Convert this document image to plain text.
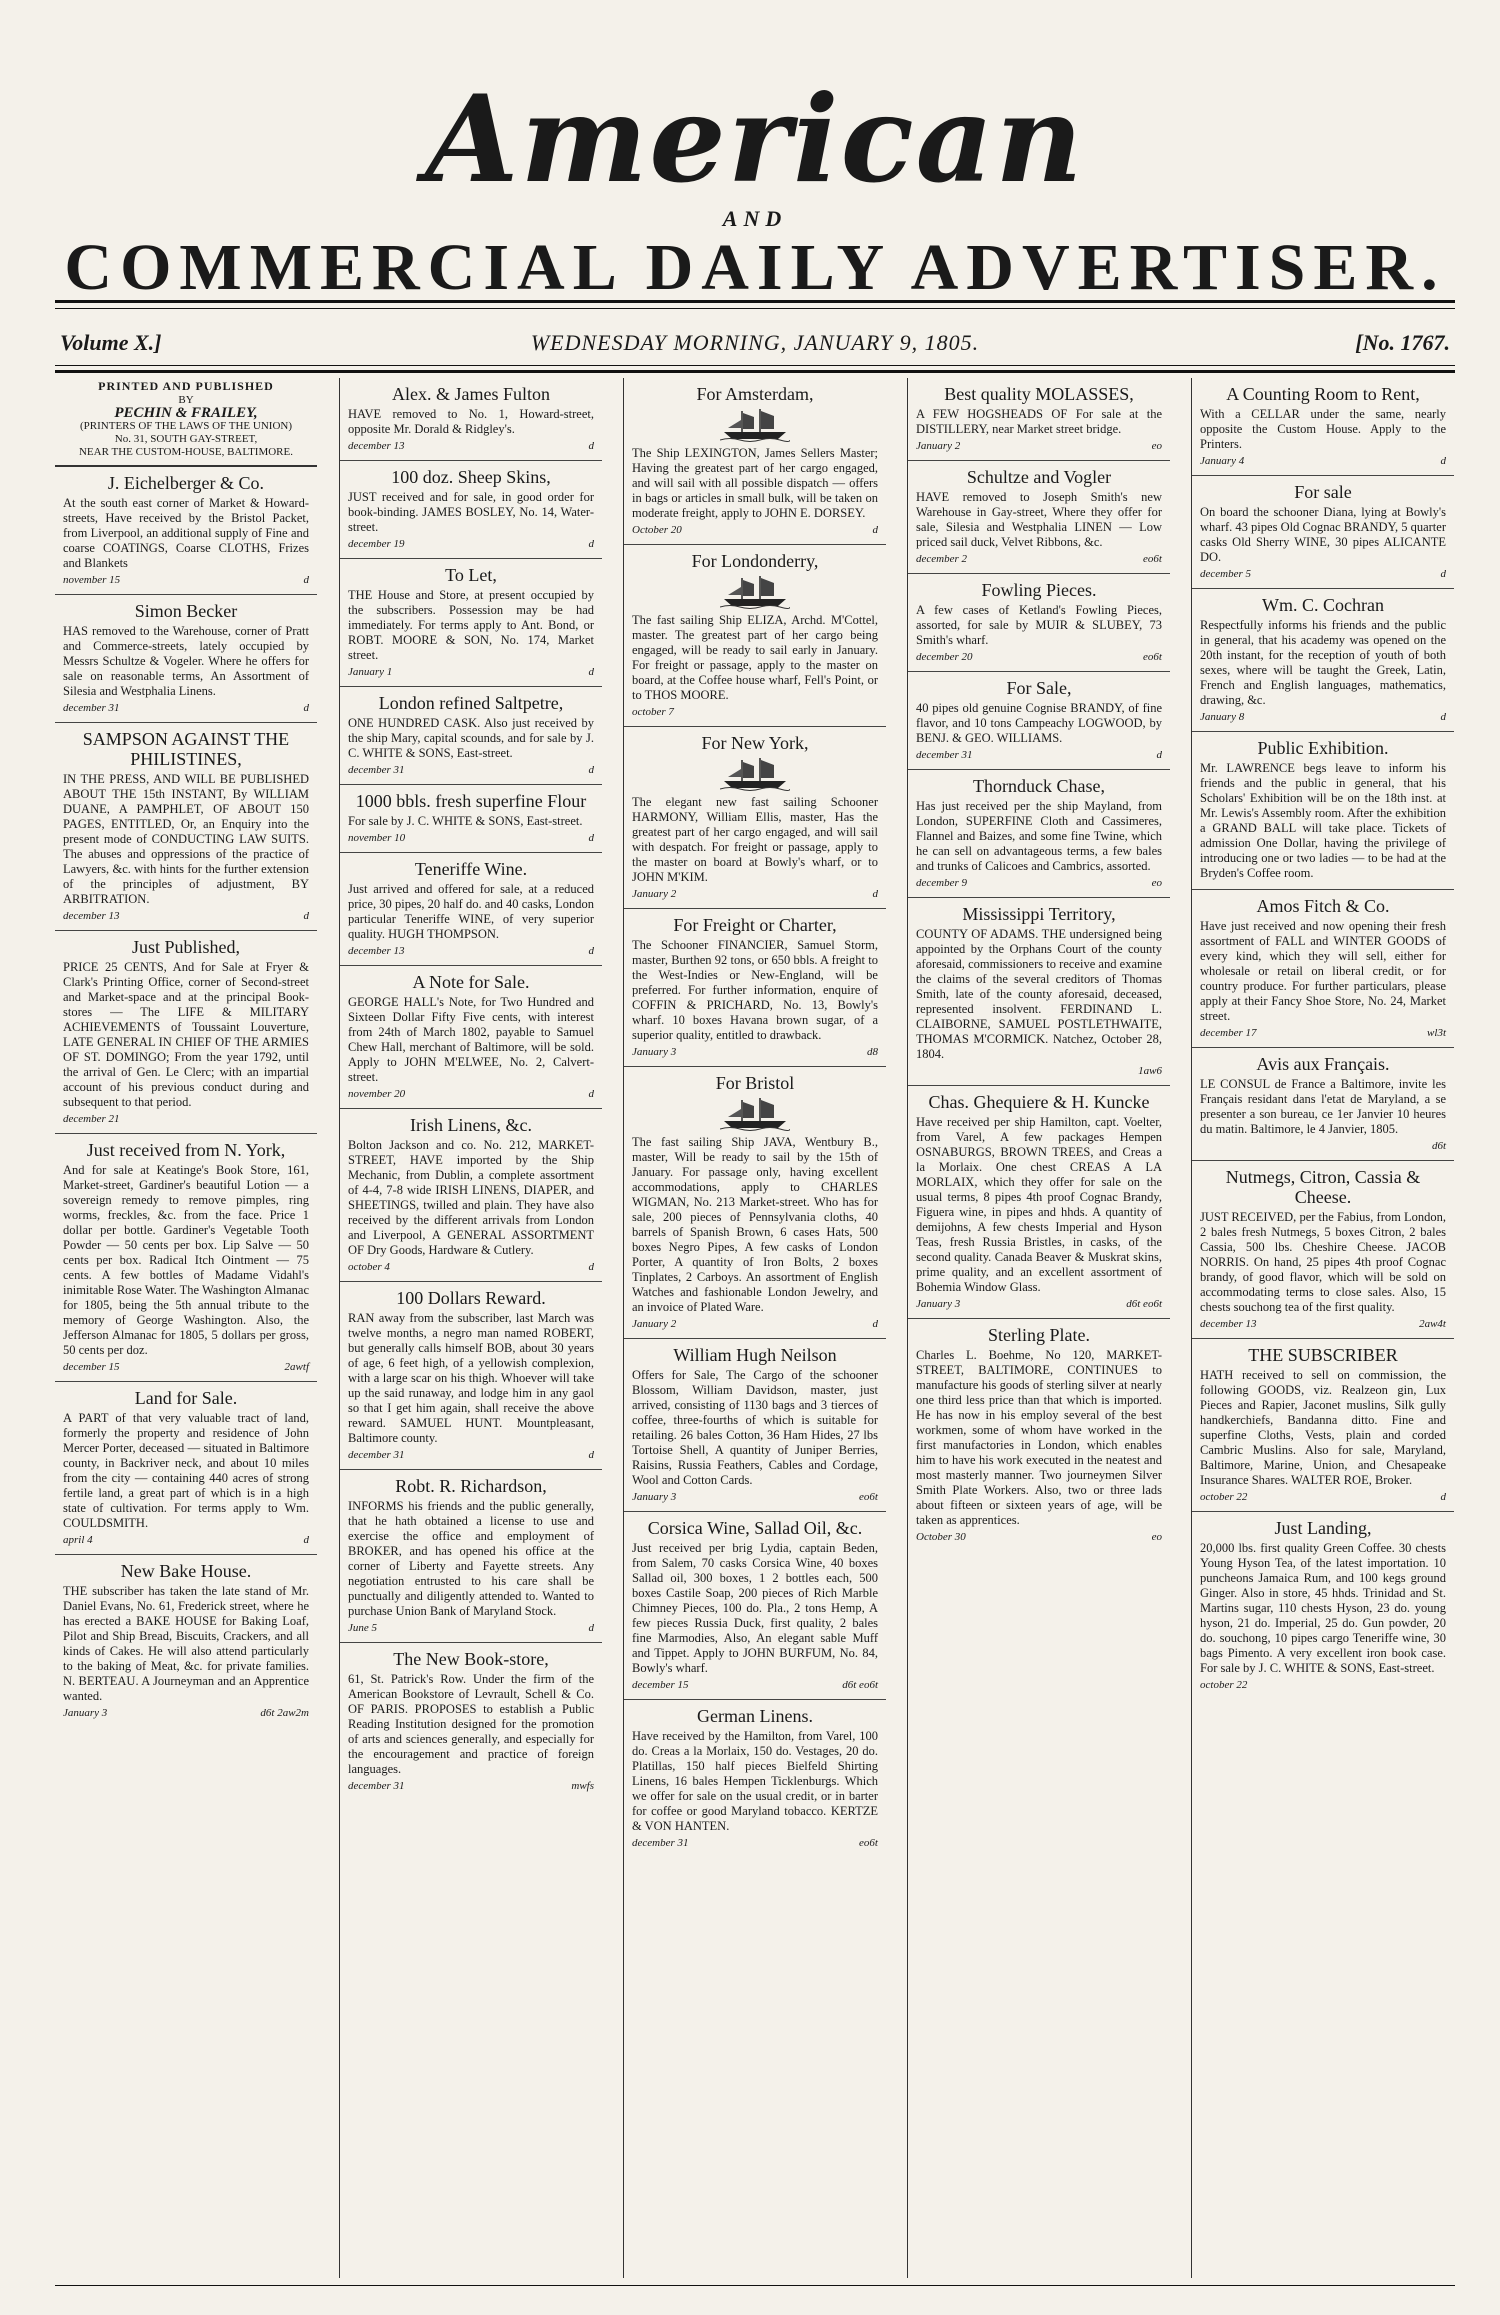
American
AND
COMMERCIAL DAILY ADVERTISER.
Volume X.]	WEDNESDAY MORNING, JANUARY 9, 1805.	[No. 1767.
PRINTED AND PUBLISHED
BY
PECHIN & FRAILEY,
(PRINTERS OF THE LAWS OF THE UNION)
No. 31, SOUTH GAY-STREET,
NEAR THE CUSTOM-HOUSE, BALTIMORE.
J. Eichelberger & Co.

At the south east corner of Market & Howard-streets, Have received by the Bristol Packet, from Liverpool, an additional supply of Fine and coarse COATINGS, Coarse CLOTHS, Frizes and Blankets

november 15	d
Simon Becker

HAS removed to the Warehouse, corner of Pratt and Commerce-streets, lately occupied by Messrs Schultze & Vogeler. Where he offers for sale on reasonable terms, An Assortment of Silesia and Westphalia Linens.

december 31	d
SAMPSON AGAINST THE PHILISTINES,

IN THE PRESS, AND WILL BE PUBLISHED ABOUT THE 15th INSTANT, By WILLIAM DUANE, A PAMPHLET, OF ABOUT 150 PAGES, ENTITLED, Or, an Enquiry into the present mode of CONDUCTING LAW SUITS. The abuses and oppressions of the practice of Lawyers, &c. with hints for the further extension of the principles of adjustment, BY ARBITRATION.

december 13	d
Just Published,

PRICE 25 CENTS, And for Sale at Fryer & Clark's Printing Office, corner of Second-street and Market-space and at the principal Book-stores — The LIFE & MILITARY ACHIEVEMENTS of Toussaint Louverture, LATE GENERAL IN CHIEF OF THE ARMIES OF ST. DOMINGO; From the year 1792, until the arrival of Gen. Le Clerc; with an impartial account of his previous conduct during and subsequent to that period.

december 21
Just received from N. York,

And for sale at Keatinge's Book Store, 161, Market-street, Gardiner's beautiful Lotion — a sovereign remedy to remove pimples, ring worms, freckles, &c. from the face. Price 1 dollar per bottle. Gardiner's Vegetable Tooth Powder — 50 cents per box. Lip Salve — 50 cents per box. Radical Itch Ointment — 75 cents. A few bottles of Madame Vidahl's inimitable Rose Water. The Washington Almanac for 1805, being the 5th annual tribute to the memory of George Washington. Also, the Jefferson Almanac for 1805, 5 dollars per gross, 50 cents per doz.

december 15	2awtf
Land for Sale.

A PART of that very valuable tract of land, formerly the property and residence of John Mercer Porter, deceased — situated in Baltimore county, in Backriver neck, and about 10 miles from the city — containing 440 acres of strong fertile land, a great part of which is in a high state of cultivation. For terms apply to Wm. COULDSMITH.

april 4	d
New Bake House.

THE subscriber has taken the late stand of Mr. Daniel Evans, No. 61, Frederick street, where he has erected a BAKE HOUSE for Baking Loaf, Pilot and Ship Bread, Biscuits, Crackers, and all kinds of Cakes. He will also attend particularly to the baking of Meat, &c. for private families. N. BERTEAU. A Journeyman and an Apprentice wanted.

January 3	d6t 2aw2m
Alex. & James Fulton

HAVE removed to No. 1, Howard-street, opposite Mr. Dorald & Ridgley's.

december 13	d
100 doz. Sheep Skins,

JUST received and for sale, in good order for book-binding. JAMES BOSLEY, No. 14, Water-street.

december 19	d
To Let,

THE House and Store, at present occupied by the subscribers. Possession may be had immediately. For terms apply to Ant. Bond, or ROBT. MOORE & SON, No. 174, Market street.

January 1	d
London refined Saltpetre,

ONE HUNDRED CASK. Also just received by the ship Mary, capital scounds, and for sale by J. C. WHITE & SONS, East-street.

december 31	d
1000 bbls. fresh superfine Flour

For sale by J. C. WHITE & SONS, East-street.

november 10	d
Teneriffe Wine.

Just arrived and offered for sale, at a reduced price, 30 pipes, 20 half do. and 40 casks, London particular Teneriffe WINE, of very superior quality. HUGH THOMPSON.

december 13	d
A Note for Sale.

GEORGE HALL's Note, for Two Hundred and Sixteen Dollar Fifty Five cents, with interest from 24th of March 1802, payable to Samuel Chew Hall, merchant of Baltimore, will be sold. Apply to JOHN M'ELWEE, No. 2, Calvert-street.

november 20	d
Irish Linens, &c.

Bolton Jackson and co. No. 212, MARKET-STREET, HAVE imported by the Ship Mechanic, from Dublin, a complete assortment of 4-4, 7-8 wide IRISH LINENS, DIAPER, and SHEETINGS, twilled and plain. They have also received by the different arrivals from London and Liverpool, A GENERAL ASSORTMENT OF Dry Goods, Hardware & Cutlery.

october 4	d
100 Dollars Reward.

RAN away from the subscriber, last March was twelve months, a negro man named ROBERT, but generally calls himself BOB, about 30 years of age, 6 feet high, of a yellowish complexion, with a large scar on his thigh. Whoever will take up the said runaway, and lodge him in any gaol so that I get him again, shall receive the above reward. SAMUEL HUNT. Mountpleasant, Baltimore county.

december 31	d
Robt. R. Richardson,

INFORMS his friends and the public generally, that he hath obtained a license to use and exercise the office and employment of BROKER, and has opened his office at the corner of Liberty and Fayette streets. Any negotiation entrusted to his care shall be punctually and diligently attended to. Wanted to purchase Union Bank of Maryland Stock.

June 5	d
The New Book-store,

61, St. Patrick's Row. Under the firm of the American Bookstore of Levrault, Schell & Co. OF PARIS. PROPOSES to establish a Public Reading Institution designed for the promotion of arts and sciences generally, and especially for the encouragement and practice of foreign languages.

december 31	mwfs
For Amsterdam,

The Ship LEXINGTON, James Sellers Master; Having the greatest part of her cargo engaged, and will sail with all possible dispatch — offers in bags or articles in small bulk, will be taken on moderate freight, apply to JOHN E. DORSEY.

October 20	d
For Londonderry,

The fast sailing Ship ELIZA, Archd. M'Cottel, master. The greatest part of her cargo being engaged, will be ready to sail early in January. For freight or passage, apply to the master on board, at the Coffee house wharf, Fell's Point, or to THOS MOORE.

october 7
For New York,

The elegant new fast sailing Schooner HARMONY, William Ellis, master, Has the greatest part of her cargo engaged, and will sail with despatch. For freight or passage, apply to the master on board at Bowly's wharf, or to JOHN M'KIM.

January 2	d
For Freight or Charter,

The Schooner FINANCIER, Samuel Storm, master, Burthen 92 tons, or 650 bbls. A freight to the West-Indies or New-England, will be preferred. For further information, enquire of COFFIN & PRICHARD, No. 13, Bowly's wharf. 10 boxes Havana brown sugar, of a superior quality, entitled to drawback.

January 3	d8
For Bristol

The fast sailing Ship JAVA, Wentbury B., master, Will be ready to sail by the 15th of January. For passage only, having excellent accommodations, apply to CHARLES WIGMAN, No. 213 Market-street. Who has for sale, 200 pieces of Pennsylvania cloths, 40 barrels of Spanish Brown, 6 cases Hats, 500 boxes Negro Pipes, A few casks of London Porter, A quantity of Iron Bolts, 2 boxes Tinplates, 2 Carboys. An assortment of English Watches and fashionable London Jewelry, and an invoice of Plated Ware.

January 2	d
William Hugh Neilson

Offers for Sale, The Cargo of the schooner Blossom, William Davidson, master, just arrived, consisting of 1130 bags and 3 tierces of coffee, three-fourths of which is suitable for retailing. 26 bales Cotton, 36 Ham Hides, 27 lbs Tortoise Shell, A quantity of Juniper Berries, Raisins, Russia Feathers, Cables and Cordage, Wool and Cotton Cards.

January 3	eo6t
Corsica Wine, Sallad Oil, &c.

Just received per brig Lydia, captain Beden, from Salem, 70 casks Corsica Wine, 40 boxes Sallad oil, 300 boxes, 1 2 bottles each, 500 boxes Castile Soap, 200 pieces of Rich Marble Chimney Pieces, 100 do. Pla., 2 tons Hemp, A few pieces Russia Duck, first quality, 2 bales fine Marmodies, Also, An elegant sable Muff and Tippet. Apply to JOHN BURFUM, No. 84, Bowly's wharf.

december 15	d6t eo6t
German Linens.

Have received by the Hamilton, from Varel, 100 do. Creas a la Morlaix, 150 do. Vestages, 20 do. Platillas, 150 half pieces Bielfeld Shirting Linens, 16 bales Hempen Ticklenburgs. Which we offer for sale on the usual credit, or in barter for coffee or good Maryland tobacco. KERTZE & VON HANTEN.

december 31	eo6t
Best quality MOLASSES,

A FEW HOGSHEADS OF For sale at the DISTILLERY, near Market street bridge.

January 2	eo
Schultze and Vogler

HAVE removed to Joseph Smith's new Warehouse in Gay-street, Where they offer for sale, Silesia and Westphalia LINEN — Low priced sail duck, Velvet Ribbons, &c.

december 2	eo6t
Fowling Pieces.

A few cases of Ketland's Fowling Pieces, assorted, for sale by MUIR & SLUBEY, 73 Smith's wharf.

december 20	eo6t
For Sale,

40 pipes old genuine Cognise BRANDY, of fine flavor, and 10 tons Campeachy LOGWOOD, by BENJ. & GEO. WILLIAMS.

december 31	d
Thornduck Chase,

Has just received per the ship Mayland, from London, SUPERFINE Cloth and Cassimeres, Flannel and Baizes, and some fine Twine, which he can sell on advantageous terms, a few bales and trunks of Calicoes and Cambrics, assorted.

december 9	eo
Mississippi Territory,

COUNTY OF ADAMS. THE undersigned being appointed by the Orphans Court of the county aforesaid, commissioners to receive and examine the claims of the several creditors of Thomas Smith, late of the county aforesaid, deceased, represented insolvent. FERDINAND L. CLAIBORNE, SAMUEL POSTLETHWAITE, THOMAS M'CORMICK. Natchez, October 28, 1804.

1aw6
Chas. Ghequiere & H. Kuncke

Have received per ship Hamilton, capt. Voelter, from Varel, A few packages Hempen OSNABURGS, BROWN TREES, and Creas a la Morlaix. One chest CREAS A LA MORLAIX, which they offer for sale on the usual terms, 8 pipes 4th proof Cognac Brandy, Figuera wine, in pipes and hhds. A quantity of demijohns, A few chests Imperial and Hyson Teas, fresh Russia Bristles, in casks, of the second quality. Canada Beaver & Muskrat skins, prime quality, and an excellent assortment of Bohemia Window Glass.

January 3	d6t eo6t
Sterling Plate.

Charles L. Boehme, No 120, MARKET-STREET, BALTIMORE, CONTINUES to manufacture his goods of sterling silver at nearly one third less price than that which is imported. He has now in his employ several of the best workmen, some of whom have worked in the first manufactories in London, which enables him to have his work executed in the neatest and most masterly manner. Two journeymen Silver Smith Plate Workers. Also, two or three lads about fifteen or sixteen years of age, will be taken as apprentices.

October 30	eo
A Counting Room to Rent,

With a CELLAR under the same, nearly opposite the Custom House. Apply to the Printers.

January 4	d
For sale

On board the schooner Diana, lying at Bowly's wharf. 43 pipes Old Cognac BRANDY, 5 quarter casks Old Sherry WINE, 30 pipes ALICANTE DO.

december 5	d
Wm. C. Cochran

Respectfully informs his friends and the public in general, that his academy was opened on the 20th instant, for the reception of youth of both sexes, where will be taught the Greek, Latin, French and English languages, mathematics, drawing, &c.

January 8	d
Public Exhibition.

Mr. LAWRENCE begs leave to inform his friends and the public in general, that his Scholars' Exhibition will be on the 18th inst. at Mr. Lewis's Assembly room. After the exhibition a GRAND BALL will take place. Tickets of admission One Dollar, having the privilege of introducing one or two ladies — to be had at the Bryden's Coffee room.

Amos Fitch & Co.

Have just received and now opening their fresh assortment of FALL and WINTER GOODS of every kind, which they will sell, either for wholesale or retail on liberal credit, or for country produce. For further particulars, please apply at their Fancy Shoe Store, No. 24, Market street.

december 17	wl3t
Avis aux Français.

LE CONSUL de France a Baltimore, invite les Français residant dans l'etat de Maryland, a se presenter a son bureau, ce 1er Janvier 10 heures du matin. Baltimore, le 4 Janvier, 1805.

d6t
Nutmegs, Citron, Cassia & Cheese.

JUST RECEIVED, per the Fabius, from London, 2 bales fresh Nutmegs, 5 boxes Citron, 2 bales Cassia, 500 lbs. Cheshire Cheese. JACOB NORRIS. On hand, 25 pipes 4th proof Cognac brandy, of good flavor, which will be sold on accommodating terms to close sales. Also, 15 chests souchong tea of the first quality.

december 13	2aw4t
THE SUBSCRIBER

HATH received to sell on commission, the following GOODS, viz. Realzeon gin, Lux Pieces and Rapier, Jaconet muslins, Silk gully handkerchiefs, Bandanna ditto. Fine and superfine Cloths, Vests, plain and corded Cambric Muslins. Also for sale, Maryland, Baltimore, Marine, Union, and Chesapeake Insurance Shares. WALTER ROE, Broker.

october 22	d
Just Landing,

20,000 lbs. first quality Green Coffee. 30 chests Young Hyson Tea, of the latest importation. 10 puncheons Jamaica Rum, and 100 kegs ground Ginger. Also in store, 45 hhds. Trinidad and St. Martins sugar, 110 chests Hyson, 23 do. young hyson, 21 do. Imperial, 25 do. Gun powder, 20 do. souchong, 10 pipes cargo Teneriffe wine, 30 bags Pimento. A very excellent iron book case. For sale by J. C. WHITE & SONS, East-street.

october 22
